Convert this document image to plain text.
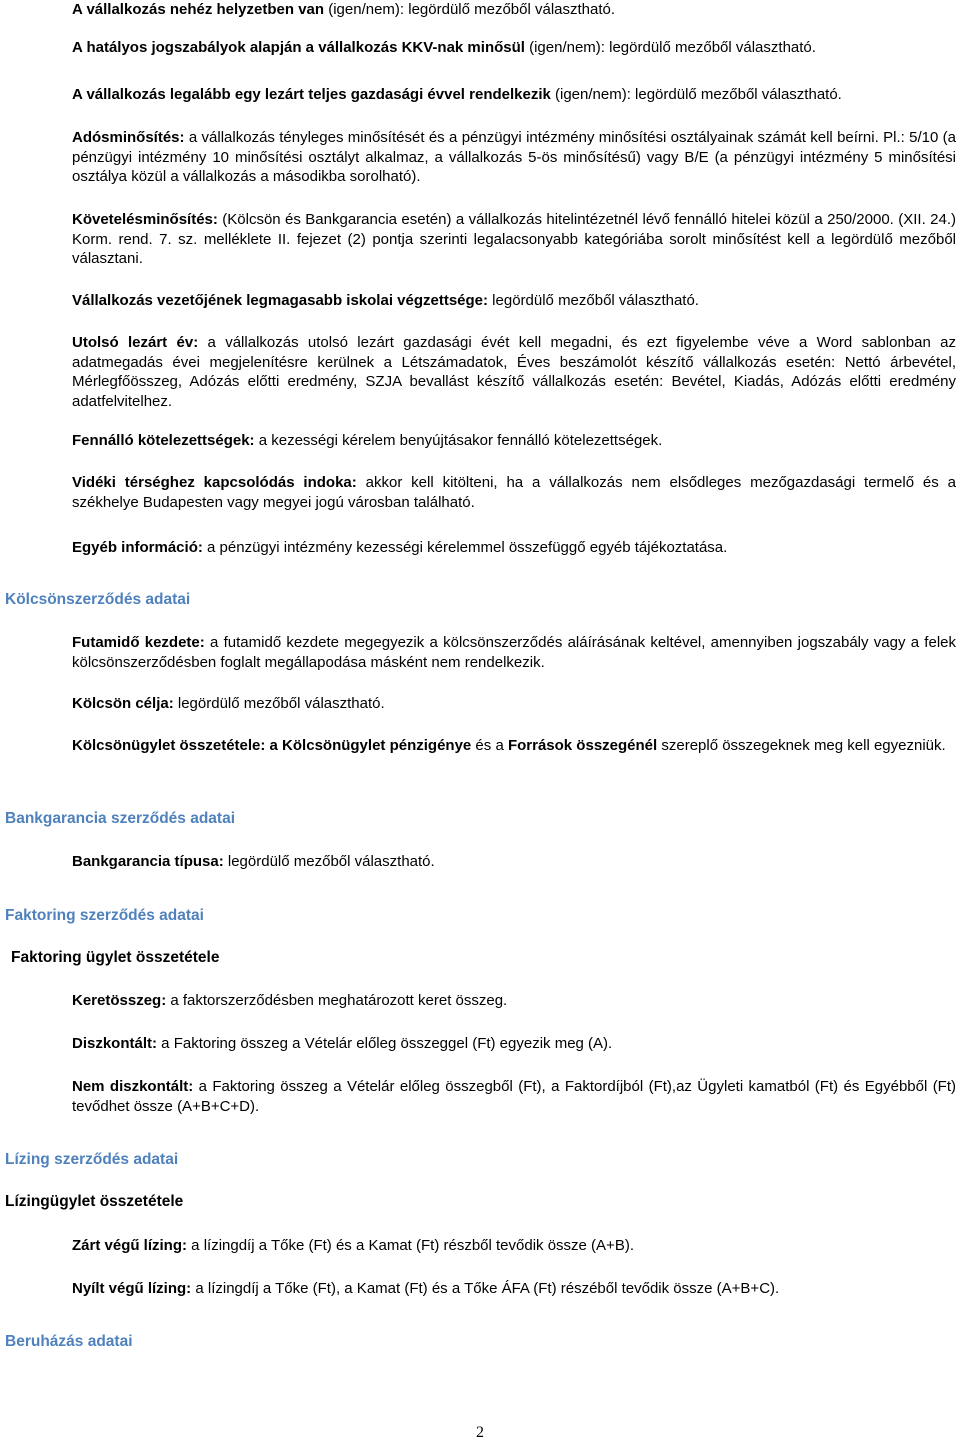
A vállalkozás nehéz helyzetben van (igen/nem): legördülő mezőből választható.

A hatályos jogszabályok alapján a vállalkozás KKV-nak minősül (igen/nem): legördülő mezőből választható.

A vállalkozás legalább egy lezárt teljes gazdasági évvel rendelkezik (igen/nem): legördülő mezőből választható.

Adósminősítés: a vállalkozás tényleges minősítését és a pénzügyi intézmény minősítési osztályainak számát kell beírni. Pl.: 5/10 (a pénzügyi intézmény 10 minősítési osztályt alkalmaz, a vállalkozás 5-ös minősítésű) vagy B/E (a pénzügyi intézmény 5 minősítési osztálya közül a vállalkozás a másodikba sorolható).

Követelésminősítés: (Kölcsön és Bankgarancia esetén) a vállalkozás hitelintézetnél lévő fennálló hitelei közül a 250/2000. (XII. 24.) Korm. rend. 7. sz. melléklete II. fejezet (2) pontja szerinti legalacsonyabb kategóriába sorolt minősítést kell a legördülő mezőből választani.

Vállalkozás vezetőjének legmagasabb iskolai végzettsége: legördülő mezőből választható.

Utolsó lezárt év: a vállalkozás utolsó lezárt gazdasági évét kell megadni, és ezt figyelembe véve a Word sablonban az adatmegadás évei megjelenítésre kerülnek a Létszámadatok, Éves beszámolót készítő vállalkozás esetén: Nettó árbevétel, Mérlegfőösszeg, Adózás előtti eredmény, SZJA bevallást készítő vállalkozás esetén: Bevétel, Kiadás, Adózás előtti eredmény adatfelvitelhez.

Fennálló kötelezettségek: a kezességi kérelem benyújtásakor fennálló kötelezettségek.

Vidéki térséghez kapcsolódás indoka: akkor kell kitölteni, ha a vállalkozás nem elsődleges mezőgazdasági termelő és a székhelye Budapesten vagy megyei jogú városban található.

Egyéb információ: a pénzügyi intézmény kezességi kérelemmel összefüggő egyéb tájékoztatása.

Kölcsönszerződés adatai

Futamidő kezdete: a futamidő kezdete megegyezik a kölcsönszerződés aláírásának keltével, amennyiben jogszabály vagy a felek kölcsönszerződésben foglalt megállapodása másként nem rendelkezik.

Kölcsön célja: legördülő mezőből választható.

Kölcsönügylet összetétele: a Kölcsönügylet pénzigénye és a Források összegénél szereplő összegeknek meg kell egyezniük.

Bankgarancia szerződés adatai

Bankgarancia típusa: legördülő mezőből választható.

Faktoring szerződés adatai
Faktoring ügylet összetétele

Keretösszeg: a faktorszerződésben meghatározott keret összeg.

Diszkontált: a Faktoring összeg a Vételár előleg összeggel (Ft) egyezik meg (A).

Nem diszkontált: a Faktoring összeg a Vételár előleg összegből (Ft), a Faktordíjból (Ft),az Ügyleti kamatból (Ft) és Egyébből (Ft) tevődhet össze (A+B+C+D).

Lízing szerződés adatai
Lízingügylet összetétele

Zárt végű lízing: a lízingdíj a Tőke (Ft) és a Kamat (Ft) részből tevődik össze (A+B).

Nyílt végű lízing: a lízingdíj a Tőke (Ft), a Kamat (Ft) és a Tőke ÁFA (Ft) részéből tevődik össze (A+B+C).

Beruházás adatai
2
